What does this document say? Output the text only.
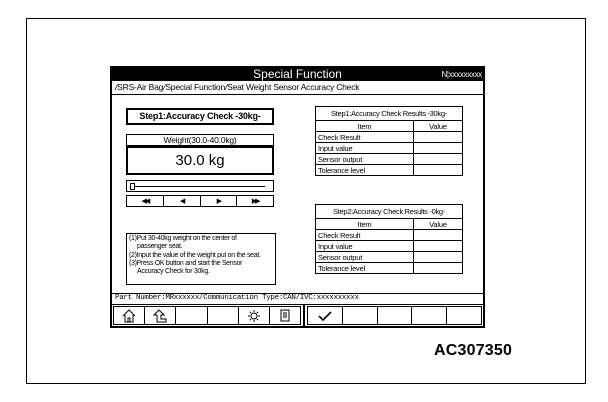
Special Function	N¦xxxxxxxxx
/SRS-Air Bag/Special Function/Seat Weight Sensor Accuracy Check
Step1:Accuracy Check -30kg-
Weight(30.0-40.0kg)
30.0 kg
◀◀	◀	▶	▶▶
(1)Put 30-40kg weight on the center of
passenger seat.
(2)Input the value of the weight put on the seat.
(3)Press OK button and start the Sensor
Accuracy Check for 30kg.
Step1:Accuracy Check Results -30kg-
Item	Value
Check Result	
Input value	
Sensor output	
Tolerance level	
Step2:Accuracy Check Results -0kg-
Item	Value
Check Result	
Input value	
Sensor output	
Tolerance level	
Part Number:MRxxxxxx/Communication Type:CAN/IVC:xxxxxxxxxx
AC307350
